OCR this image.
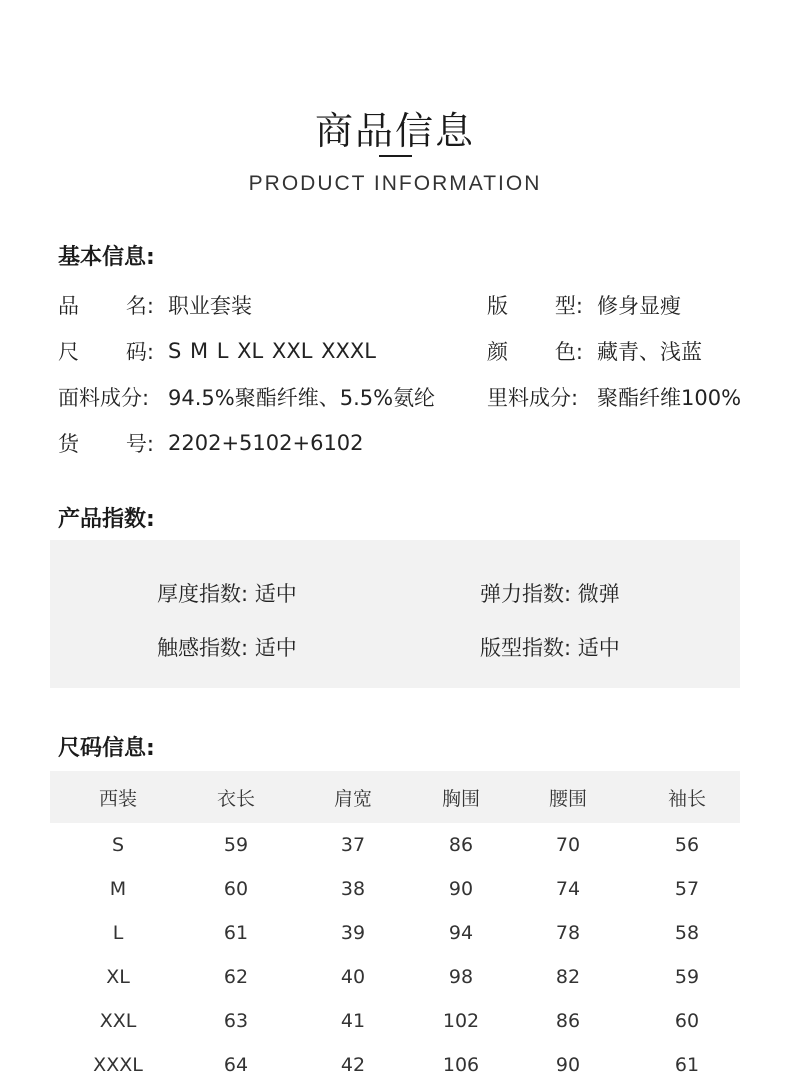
商品信息
PRODUCT INFORMATION
基本信息:
品 名: 职业套装	版 型: 修身显瘦
尺 码: S M L XL XXL XXXL	颜 色: 藏青、浅蓝
面料成分: 94.5%聚酯纤维、5.5%氨纶 里料成分: 聚酯纤维100%
货 号: 2202+5102+6102
产品指数:
厚度指数: 适中	弹力指数: 微弹
触感指数: 适中	版型指数: 适中
尺码信息:
西装	衣长	肩宽	胸围	腰围	袖长
S	59	37	86	70	56
M	60	38	90	74	57
L	61	39	94	78	58
XL	62	40	98	82	59
XXL	63	41	102	86	60
XXXL	64	42	106	90	61
